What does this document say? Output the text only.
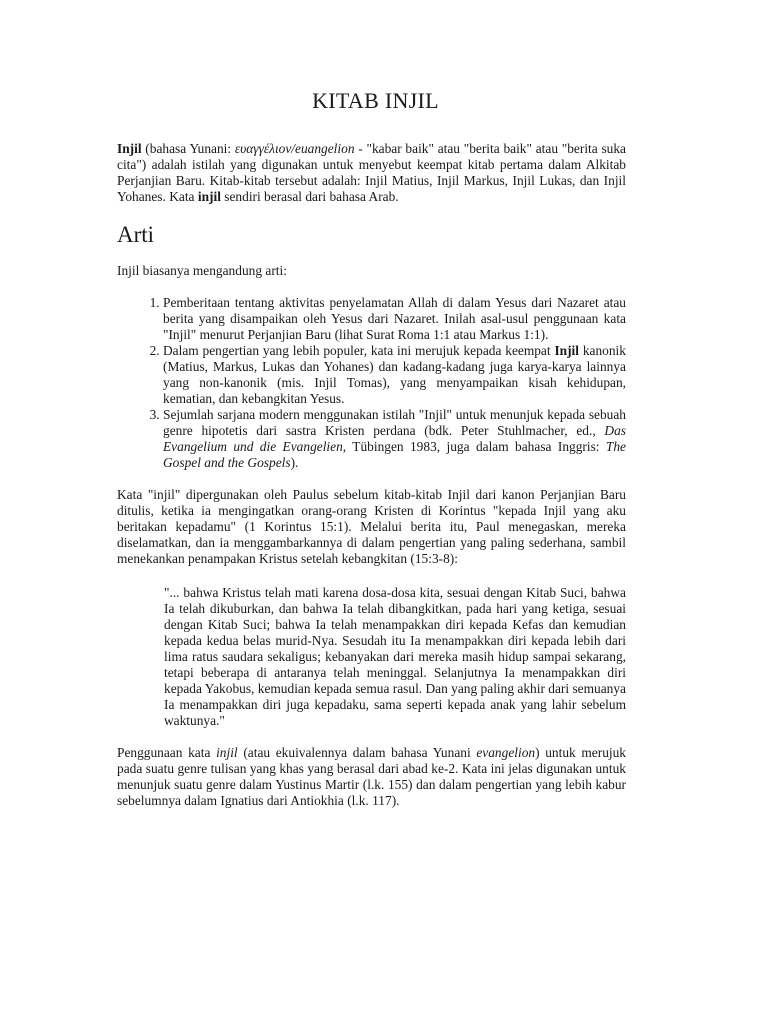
KITAB INJIL

Injil (bahasa Yunani: ευαγγέλιον/euangelion - "kabar baik" atau "berita baik" atau "berita suka cita") adalah istilah yang digunakan untuk menyebut keempat kitab pertama dalam Alkitab Perjanjian Baru. Kitab-kitab tersebut adalah: Injil Matius, Injil Markus, Injil Lukas, dan Injil Yohanes. Kata injil sendiri berasal dari bahasa Arab.

Arti

Injil biasanya mengandung arti:

1. Pemberitaan tentang aktivitas penyelamatan Allah di dalam Yesus dari Nazaret atau berita yang disampaikan oleh Yesus dari Nazaret. Inilah asal-usul penggunaan kata "Injil" menurut Perjanjian Baru (lihat Surat Roma 1:1 atau Markus 1:1).
2. Dalam pengertian yang lebih populer, kata ini merujuk kepada keempat Injil kanonik (Matius, Markus, Lukas dan Yohanes) dan kadang-kadang juga karya-karya lainnya yang non-kanonik (mis. Injil Tomas), yang menyampaikan kisah kehidupan, kematian, dan kebangkitan Yesus.
3. Sejumlah sarjana modern menggunakan istilah "Injil" untuk menunjuk kepada sebuah genre hipotetis dari sastra Kristen perdana (bdk. Peter Stuhlmacher, ed., Das Evangelium und die Evangelien, Tübingen 1983, juga dalam bahasa Inggris: The Gospel and the Gospels).

Kata "injil" dipergunakan oleh Paulus sebelum kitab-kitab Injil dari kanon Perjanjian Baru ditulis, ketika ia mengingatkan orang-orang Kristen di Korintus "kepada Injil yang aku beritakan kepadamu" (1 Korintus 15:1). Melalui berita itu, Paul menegaskan, mereka diselamatkan, dan ia menggambarkannya di dalam pengertian yang paling sederhana, sambil menekankan penampakan Kristus setelah kebangkitan (15:3-8):

"... bahwa Kristus telah mati karena dosa-dosa kita, sesuai dengan Kitab Suci, bahwa Ia telah dikuburkan, dan bahwa Ia telah dibangkitkan, pada hari yang ketiga, sesuai dengan Kitab Suci; bahwa Ia telah menampakkan diri kepada Kefas dan kemudian kepada kedua belas murid-Nya. Sesudah itu Ia menampakkan diri kepada lebih dari lima ratus saudara sekaligus; kebanyakan dari mereka masih hidup sampai sekarang, tetapi beberapa di antaranya telah meninggal. Selanjutnya Ia menampakkan diri kepada Yakobus, kemudian kepada semua rasul. Dan yang paling akhir dari semuanya Ia menampakkan diri juga kepadaku, sama seperti kepada anak yang lahir sebelum waktunya."

Penggunaan kata injil (atau ekuivalennya dalam bahasa Yunani evangelion) untuk merujuk pada suatu genre tulisan yang khas yang berasal dari abad ke-2. Kata ini jelas digunakan untuk menunjuk suatu genre dalam Yustinus Martir (l.k. 155) dan dalam pengertian yang lebih kabur sebelumnya dalam Ignatius dari Antiokhia (l.k. 117).
